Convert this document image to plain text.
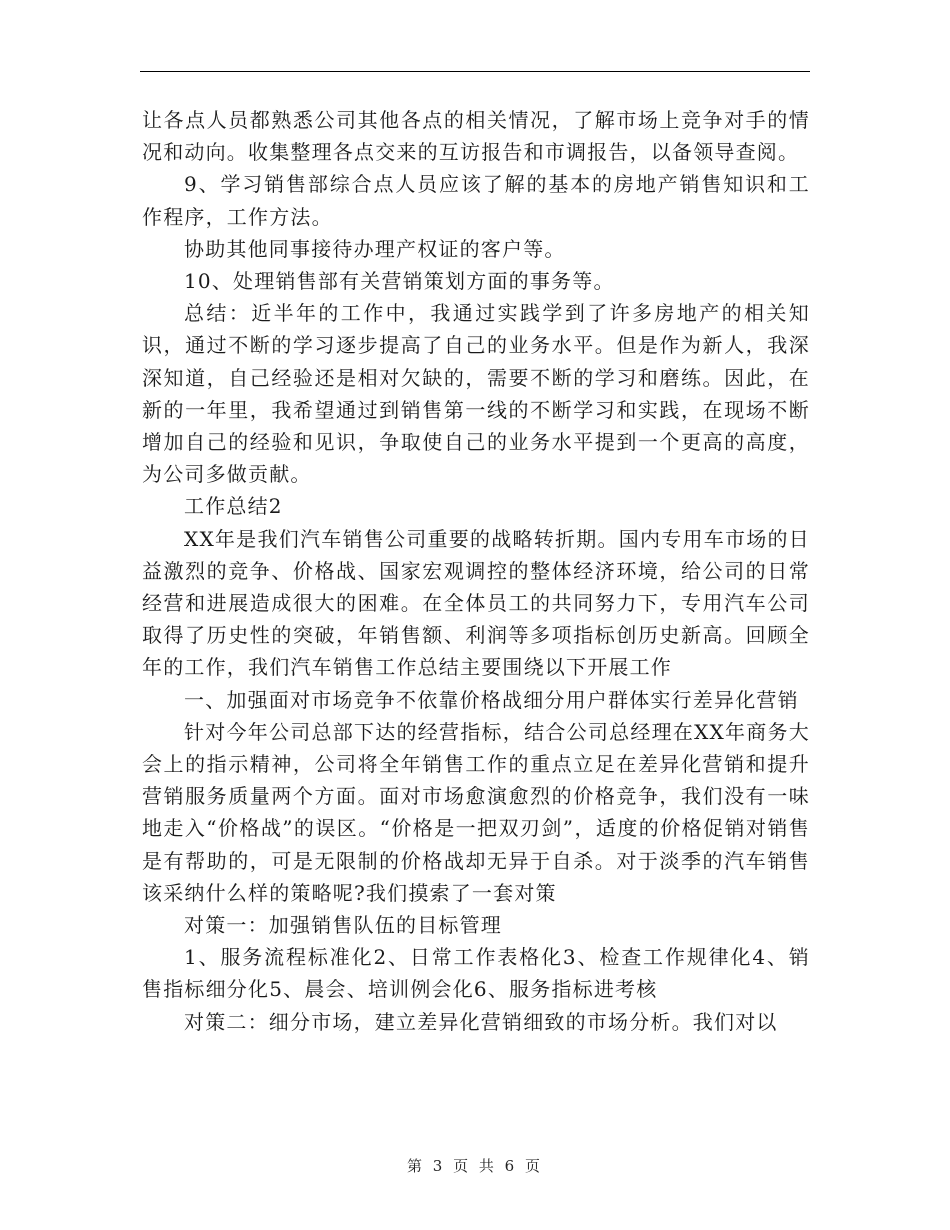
让各点人员都熟悉公司其他各点的相关情况，了解市场上竞争对手的情况和动向。收集整理各点交来的互访报告和市调报告，以备领导查阅。

9、学习销售部综合点人员应该了解的基本的房地产销售知识和工作程序，工作方法。

协助其他同事接待办理产权证的客户等。

10、处理销售部有关营销策划方面的事务等。

总结：近半年的工作中，我通过实践学到了许多房地产的相关知识，通过不断的学习逐步提高了自己的业务水平。但是作为新人，我深深知道，自己经验还是相对欠缺的，需要不断的学习和磨练。因此，在新的一年里，我希望通过到销售第一线的不断学习和实践，在现场不断增加自己的经验和见识，争取使自己的业务水平提到一个更高的高度，为公司多做贡献。

工作总结2

XX年是我们汽车销售公司重要的战略转折期。国内专用车市场的日益激烈的竞争、价格战、国家宏观调控的整体经济环境，给公司的日常经营和进展造成很大的困难。在全体员工的共同努力下，专用汽车公司取得了历史性的突破，年销售额、利润等多项指标创历史新高。回顾全年的工作，我们汽车销售工作总结主要围绕以下开展工作

一、加强面对市场竞争不依靠价格战细分用户群体实行差异化营销

针对今年公司总部下达的经营指标，结合公司总经理在XX年商务大会上的指示精神，公司将全年销售工作的重点立足在差异化营销和提升营销服务质量两个方面。面对市场愈演愈烈的价格竞争，我们没有一味地走入“价格战”的误区。“价格是一把双刃剑”，适度的价格促销对销售是有帮助的，可是无限制的价格战却无异于自杀。对于淡季的汽车销售该采纳什么样的策略呢?我们摸索了一套对策

对策一：加强销售队伍的目标管理

1、服务流程标准化2、日常工作表格化3、检查工作规律化4、销售指标细分化5、晨会、培训例会化6、服务指标进考核

对策二：细分市场，建立差异化营销细致的市场分析。我们对以

第 3 页 共 6 页
